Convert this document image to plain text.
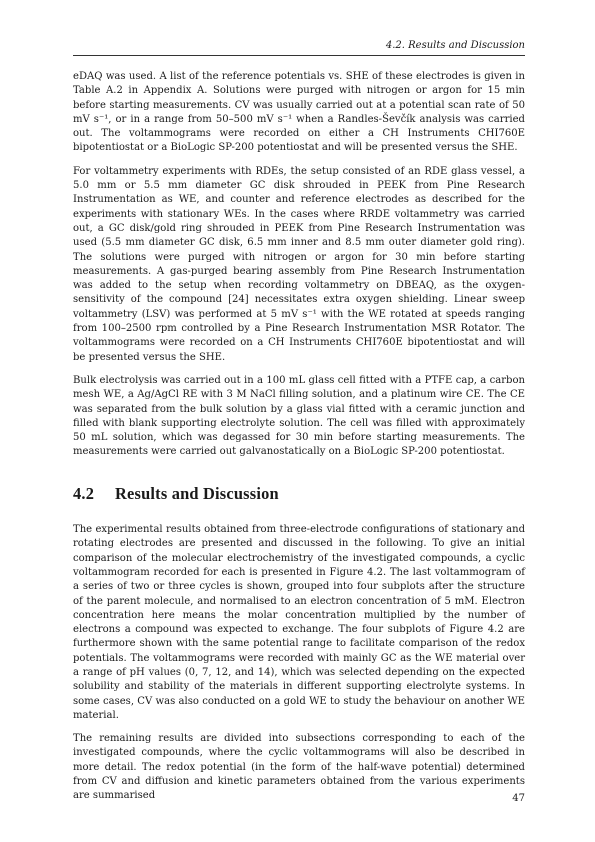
4.2. Results and Discussion

eDAQ was used. A list of the reference potentials vs. SHE of these electrodes is given in Table A.2 in Appendix A. Solutions were purged with nitrogen or argon for 15 min before starting measurements. CV was usually carried out at a potential scan rate of 50 mV s⁻¹, or in a range from 50–500 mV s⁻¹ when a Randles-Ševčík analysis was carried out. The voltammograms were recorded on either a CH Instruments CHI760E bipotentiostat or a BioLogic SP-200 potentiostat and will be presented versus the SHE.

For voltammetry experiments with RDEs, the setup consisted of an RDE glass vessel, a 5.0 mm or 5.5 mm diameter GC disk shrouded in PEEK from Pine Research Instrumentation as WE, and counter and reference electrodes as described for the experiments with stationary WEs. In the cases where RRDE voltammetry was carried out, a GC disk/gold ring shrouded in PEEK from Pine Research Instrumentation was used (5.5 mm diameter GC disk, 6.5 mm inner and 8.5 mm outer diameter gold ring). The solutions were purged with nitrogen or argon for 30 min before starting measurements. A gas-purged bearing assembly from Pine Research Instrumentation was added to the setup when recording voltammetry on DBEAQ, as the oxygen-sensitivity of the compound [24] necessitates extra oxygen shielding. Linear sweep voltammetry (LSV) was performed at 5 mV s⁻¹ with the WE rotated at speeds ranging from 100–2500 rpm controlled by a Pine Research Instrumentation MSR Rotator. The voltammograms were recorded on a CH Instruments CHI760E bipotentiostat and will be presented versus the SHE.

Bulk electrolysis was carried out in a 100 mL glass cell fitted with a PTFE cap, a carbon mesh WE, a Ag/AgCl RE with 3 M NaCl filling solution, and a platinum wire CE. The CE was separated from the bulk solution by a glass vial fitted with a ceramic junction and filled with blank supporting electrolyte solution. The cell was filled with approximately 50 mL solution, which was degassed for 30 min before starting measurements. The measurements were carried out galvanostatically on a BioLogic SP-200 potentiostat.

4.2 Results and Discussion

The experimental results obtained from three-electrode configurations of stationary and rotating electrodes are presented and discussed in the following. To give an initial comparison of the molecular electrochemistry of the investigated compounds, a cyclic voltammogram recorded for each is presented in Figure 4.2. The last voltammogram of a series of two or three cycles is shown, grouped into four subplots after the structure of the parent molecule, and normalised to an electron concentration of 5 mM. Electron concentration here means the molar concentration multiplied by the number of electrons a compound was expected to exchange. The four subplots of Figure 4.2 are furthermore shown with the same potential range to facilitate comparison of the redox potentials. The voltammograms were recorded with mainly GC as the WE material over a range of pH values (0, 7, 12, and 14), which was selected depending on the expected solubility and stability of the materials in different supporting electrolyte systems. In some cases, CV was also conducted on a gold WE to study the behaviour on another WE material.

The remaining results are divided into subsections corresponding to each of the investigated compounds, where the cyclic voltammograms will also be described in more detail. The redox potential (in the form of the half-wave potential) determined from CV and diffusion and kinetic parameters obtained from the various experiments are summarised	47
